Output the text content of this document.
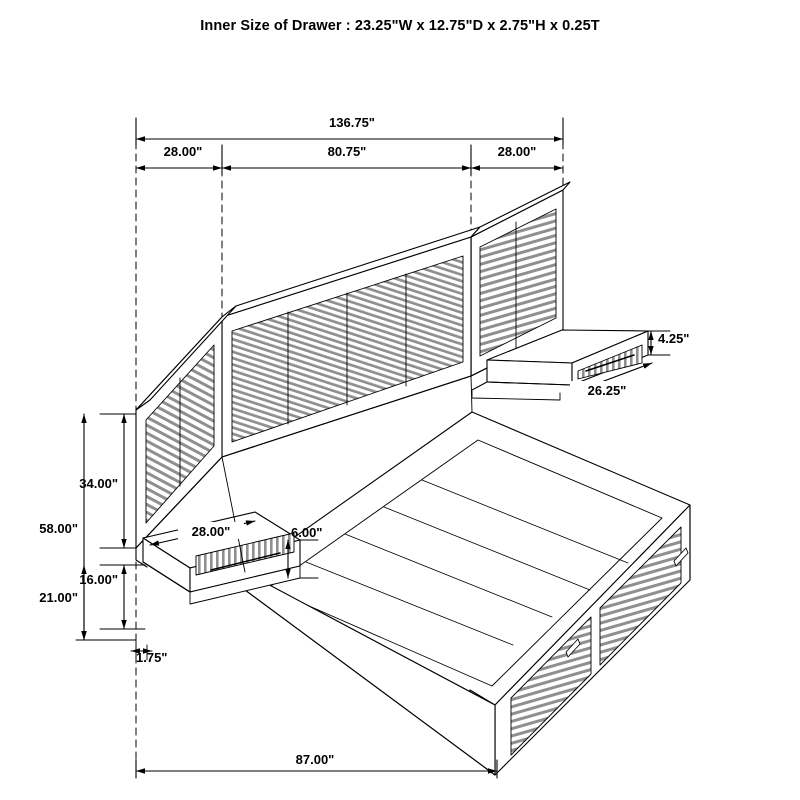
Inner Size of Drawer : 23.25"W x 12.75"D x 2.75"H x 0.25T
136.75"
28.00"	80.75"	28.00"
4.25"
26.25"
34.00"
58.00"	28.00"	6.00"
16.00"
21.00"
1.75"
87.00"
